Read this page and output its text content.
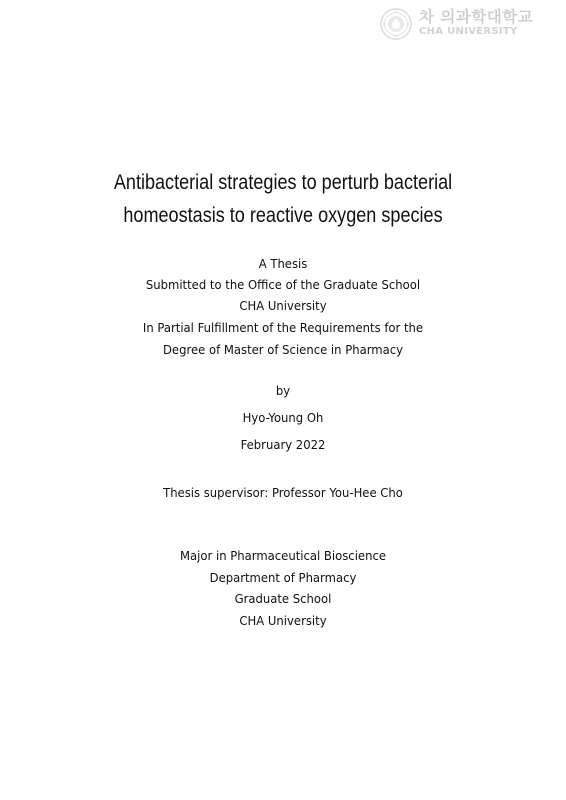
차 의과학대학교
CHA UNIVERSITY
Antibacterial strategies to perturb bacterial
homeostasis to reactive oxygen species
A Thesis
Submitted to the Office of the Graduate School
CHA University
In Partial Fulfillment of the Requirements for the
Degree of Master of Science in Pharmacy
by
Hyo-Young Oh
February 2022
Thesis supervisor: Professor You-Hee Cho
Major in Pharmaceutical Bioscience
Department of Pharmacy
Graduate School
CHA University
